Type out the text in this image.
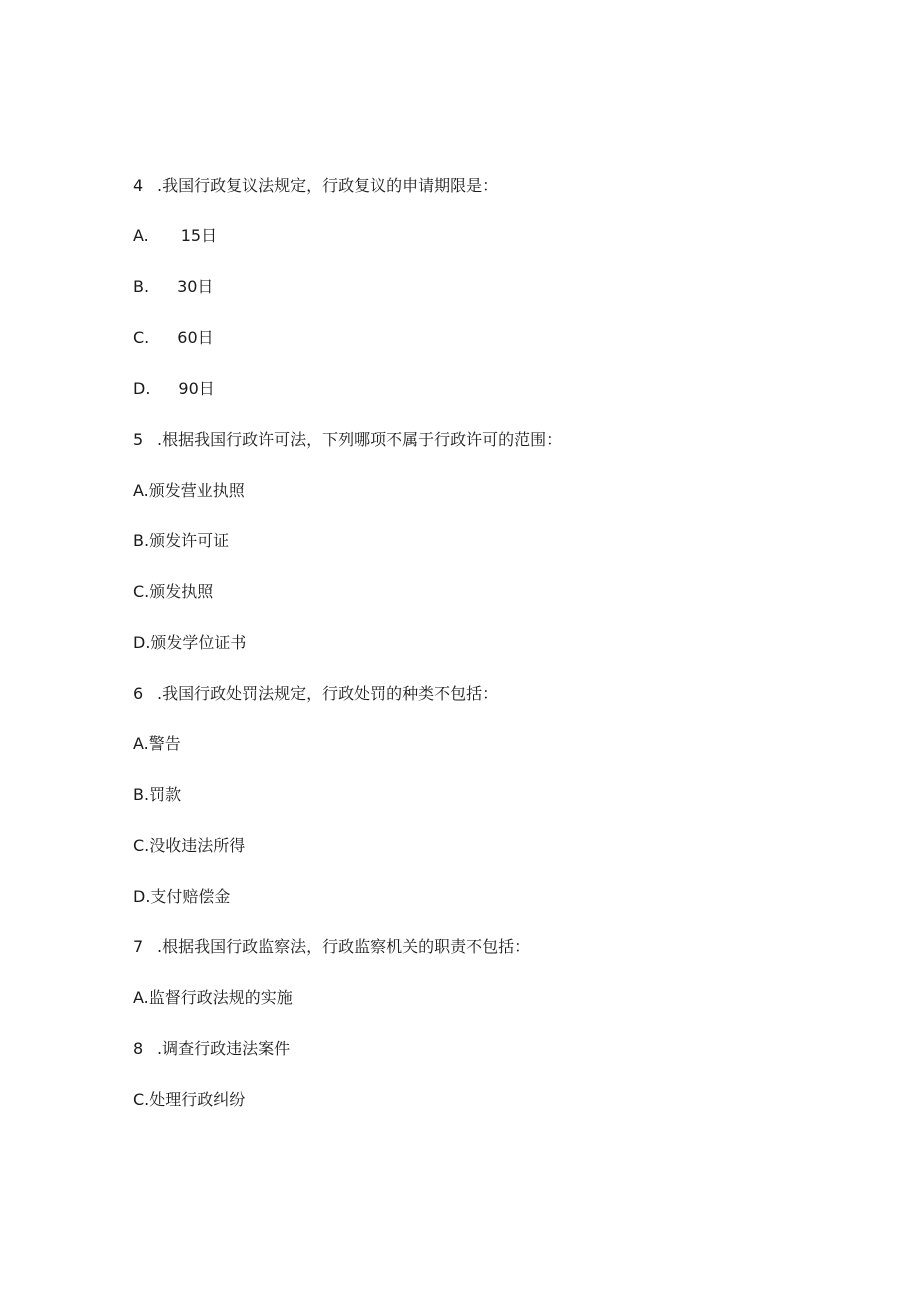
4 .我国行政复议法规定，行政复议的申请期限是：
A. 15日
B. 30日
C. 60日
D. 90日
5 .根据我国行政许可法，下列哪项不属于行政许可的范围：
A.颁发营业执照
B.颁发许可证
C.颁发执照
D.颁发学位证书
6 .我国行政处罚法规定，行政处罚的种类不包括：
A.警告
B.罚款
C.没收违法所得
D.支付赔偿金
7 .根据我国行政监察法，行政监察机关的职责不包括：
A.监督行政法规的实施
8 .调查行政违法案件
C.处理行政纠纷
